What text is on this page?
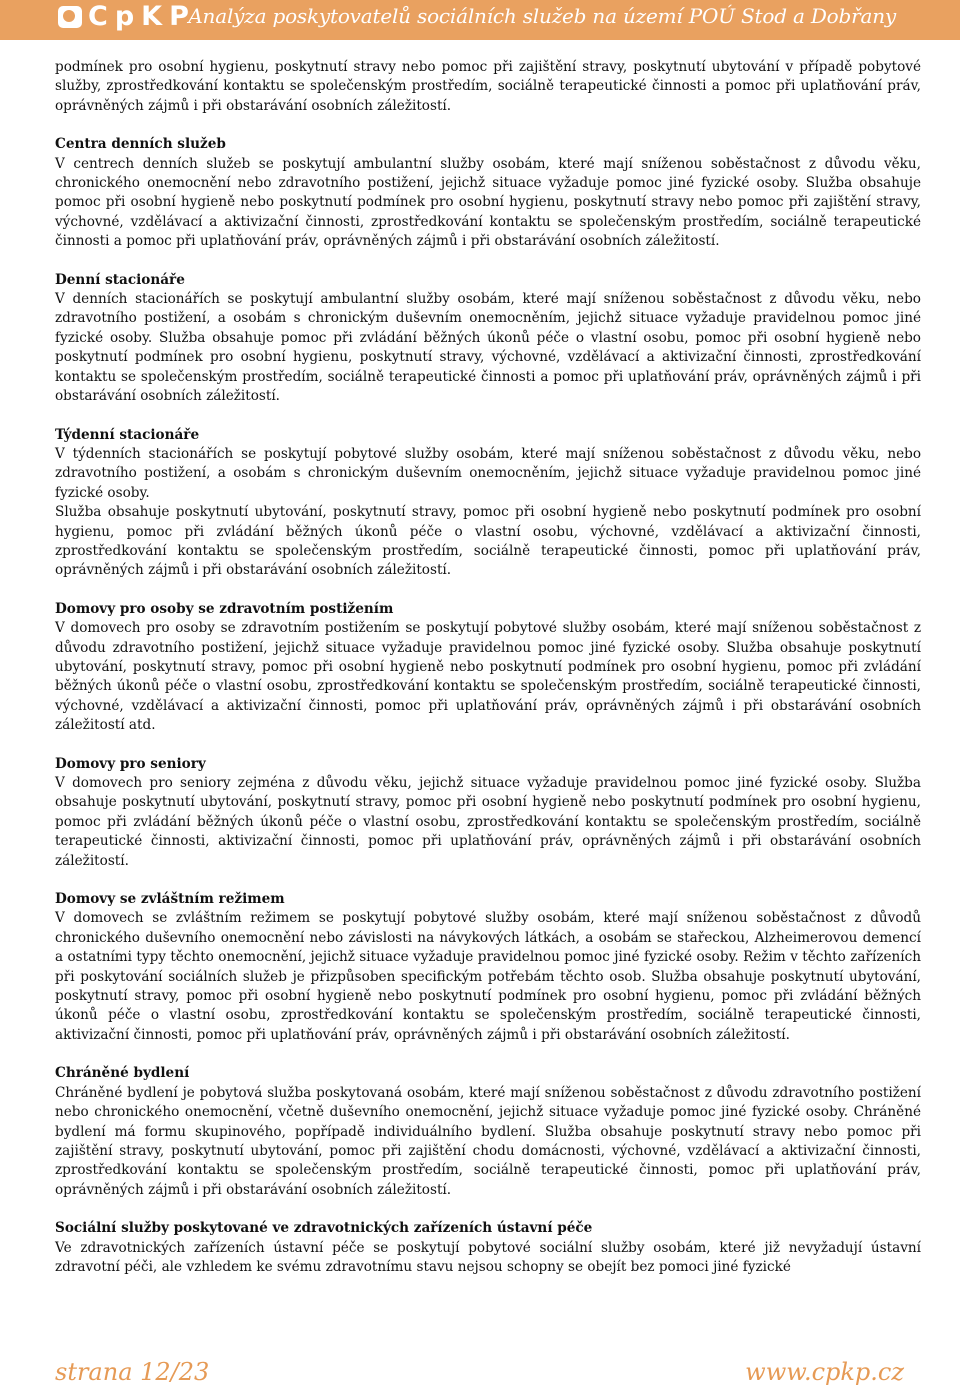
CpKP
Analýza poskytovatelů sociálních služeb na území POÚ Stod a Dobřany

podmínek pro osobní hygienu, poskytnutí stravy nebo pomoc při zajištění stravy, poskytnutí ubytování v případě pobytové služby, zprostředkování kontaktu se společenským prostředím, sociálně terapeutické činnosti a pomoc při uplatňování práv, oprávněných zájmů i při obstarávání osobních záležitostí.

Centra denních služeb

V centrech denních služeb se poskytují ambulantní služby osobám, které mají sníženou soběstačnost z důvodu věku, chronického onemocnění nebo zdravotního postižení, jejichž situace vyžaduje pomoc jiné fyzické osoby. Služba obsahuje pomoc při osobní hygieně nebo poskytnutí podmínek pro osobní hygienu, poskytnutí stravy nebo pomoc při zajištění stravy, výchovné, vzdělávací a aktivizační činnosti, zprostředkování kontaktu se společenským prostředím, sociálně terapeutické činnosti a pomoc při uplatňování práv, oprávněných zájmů i při obstarávání osobních záležitostí.

Denní stacionáře

V denních stacionářích se poskytují ambulantní služby osobám, které mají sníženou soběstačnost z důvodu věku, nebo zdravotního postižení, a osobám s chronickým duševním onemocněním, jejichž situace vyžaduje pravidelnou pomoc jiné fyzické osoby. Služba obsahuje pomoc při zvládání běžných úkonů péče o vlastní osobu, pomoc při osobní hygieně nebo poskytnutí podmínek pro osobní hygienu, poskytnutí stravy, výchovné, vzdělávací a aktivizační činnosti, zprostředkování kontaktu se společenským prostředím, sociálně terapeutické činnosti a pomoc při uplatňování práv, oprávněných zájmů i při obstarávání osobních záležitostí.

Týdenní stacionáře

V týdenních stacionářích se poskytují pobytové služby osobám, které mají sníženou soběstačnost z důvodu věku, nebo zdravotního postižení, a osobám s chronickým duševním onemocněním, jejichž situace vyžaduje pravidelnou pomoc jiné fyzické osoby.

Služba obsahuje poskytnutí ubytování, poskytnutí stravy, pomoc při osobní hygieně nebo poskytnutí podmínek pro osobní hygienu, pomoc při zvládání běžných úkonů péče o vlastní osobu, výchovné, vzdělávací a aktivizační činnosti, zprostředkování kontaktu se společenským prostředím, sociálně terapeutické činnosti, pomoc při uplatňování práv, oprávněných zájmů i při obstarávání osobních záležitostí.

Domovy pro osoby se zdravotním postižením

V domovech pro osoby se zdravotním postižením se poskytují pobytové služby osobám, které mají sníženou soběstačnost z důvodu zdravotního postižení, jejichž situace vyžaduje pravidelnou pomoc jiné fyzické osoby. Služba obsahuje poskytnutí ubytování, poskytnutí stravy, pomoc při osobní hygieně nebo poskytnutí podmínek pro osobní hygienu, pomoc při zvládání běžných úkonů péče o vlastní osobu, zprostředkování kontaktu se společenským prostředím, sociálně terapeutické činnosti, výchovné, vzdělávací a aktivizační činnosti, pomoc při uplatňování práv, oprávněných zájmů i při obstarávání osobních záležitostí atd.

Domovy pro seniory

V domovech pro seniory zejména z důvodu věku, jejichž situace vyžaduje pravidelnou pomoc jiné fyzické osoby. Služba obsahuje poskytnutí ubytování, poskytnutí stravy, pomoc při osobní hygieně nebo poskytnutí podmínek pro osobní hygienu, pomoc při zvládání běžných úkonů péče o vlastní osobu, zprostředkování kontaktu se společenským prostředím, sociálně terapeutické činnosti, aktivizační činnosti, pomoc při uplatňování práv, oprávněných zájmů i při obstarávání osobních záležitostí.

Domovy se zvláštním režimem

V domovech se zvláštním režimem se poskytují pobytové služby osobám, které mají sníženou soběstačnost z důvodů chronického duševního onemocnění nebo závislosti na návykových látkách, a osobám se stařeckou, Alzheimerovou demencí a ostatními typy těchto onemocnění, jejichž situace vyžaduje pravidelnou pomoc jiné fyzické osoby. Režim v těchto zařízeních při poskytování sociálních služeb je přizpůsoben specifickým potřebám těchto osob. Služba obsahuje poskytnutí ubytování, poskytnutí stravy, pomoc při osobní hygieně nebo poskytnutí podmínek pro osobní hygienu, pomoc při zvládání běžných úkonů péče o vlastní osobu, zprostředkování kontaktu se společenským prostředím, sociálně terapeutické činnosti, aktivizační činnosti, pomoc při uplatňování práv, oprávněných zájmů i při obstarávání osobních záležitostí.

Chráněné bydlení

Chráněné bydlení je pobytová služba poskytovaná osobám, které mají sníženou soběstačnost z důvodu zdravotního postižení nebo chronického onemocnění, včetně duševního onemocnění, jejichž situace vyžaduje pomoc jiné fyzické osoby. Chráněné bydlení má formu skupinového, popřípadě individuálního bydlení. Služba obsahuje poskytnutí stravy nebo pomoc při zajištění stravy, poskytnutí ubytování, pomoc při zajištění chodu domácnosti, výchovné, vzdělávací a aktivizační činnosti, zprostředkování kontaktu se společenským prostředím, sociálně terapeutické činnosti, pomoc při uplatňování práv, oprávněných zájmů i při obstarávání osobních záležitostí.

Sociální služby poskytované ve zdravotnických zařízeních ústavní péče

Ve zdravotnických zařízeních ústavní péče se poskytují pobytové sociální služby osobám, které již nevyžadují ústavní zdravotní péči, ale vzhledem ke svému zdravotnímu stavu nejsou schopny se obejít bez pomoci jiné fyzické

strana 12/23	www.cpkp.cz
